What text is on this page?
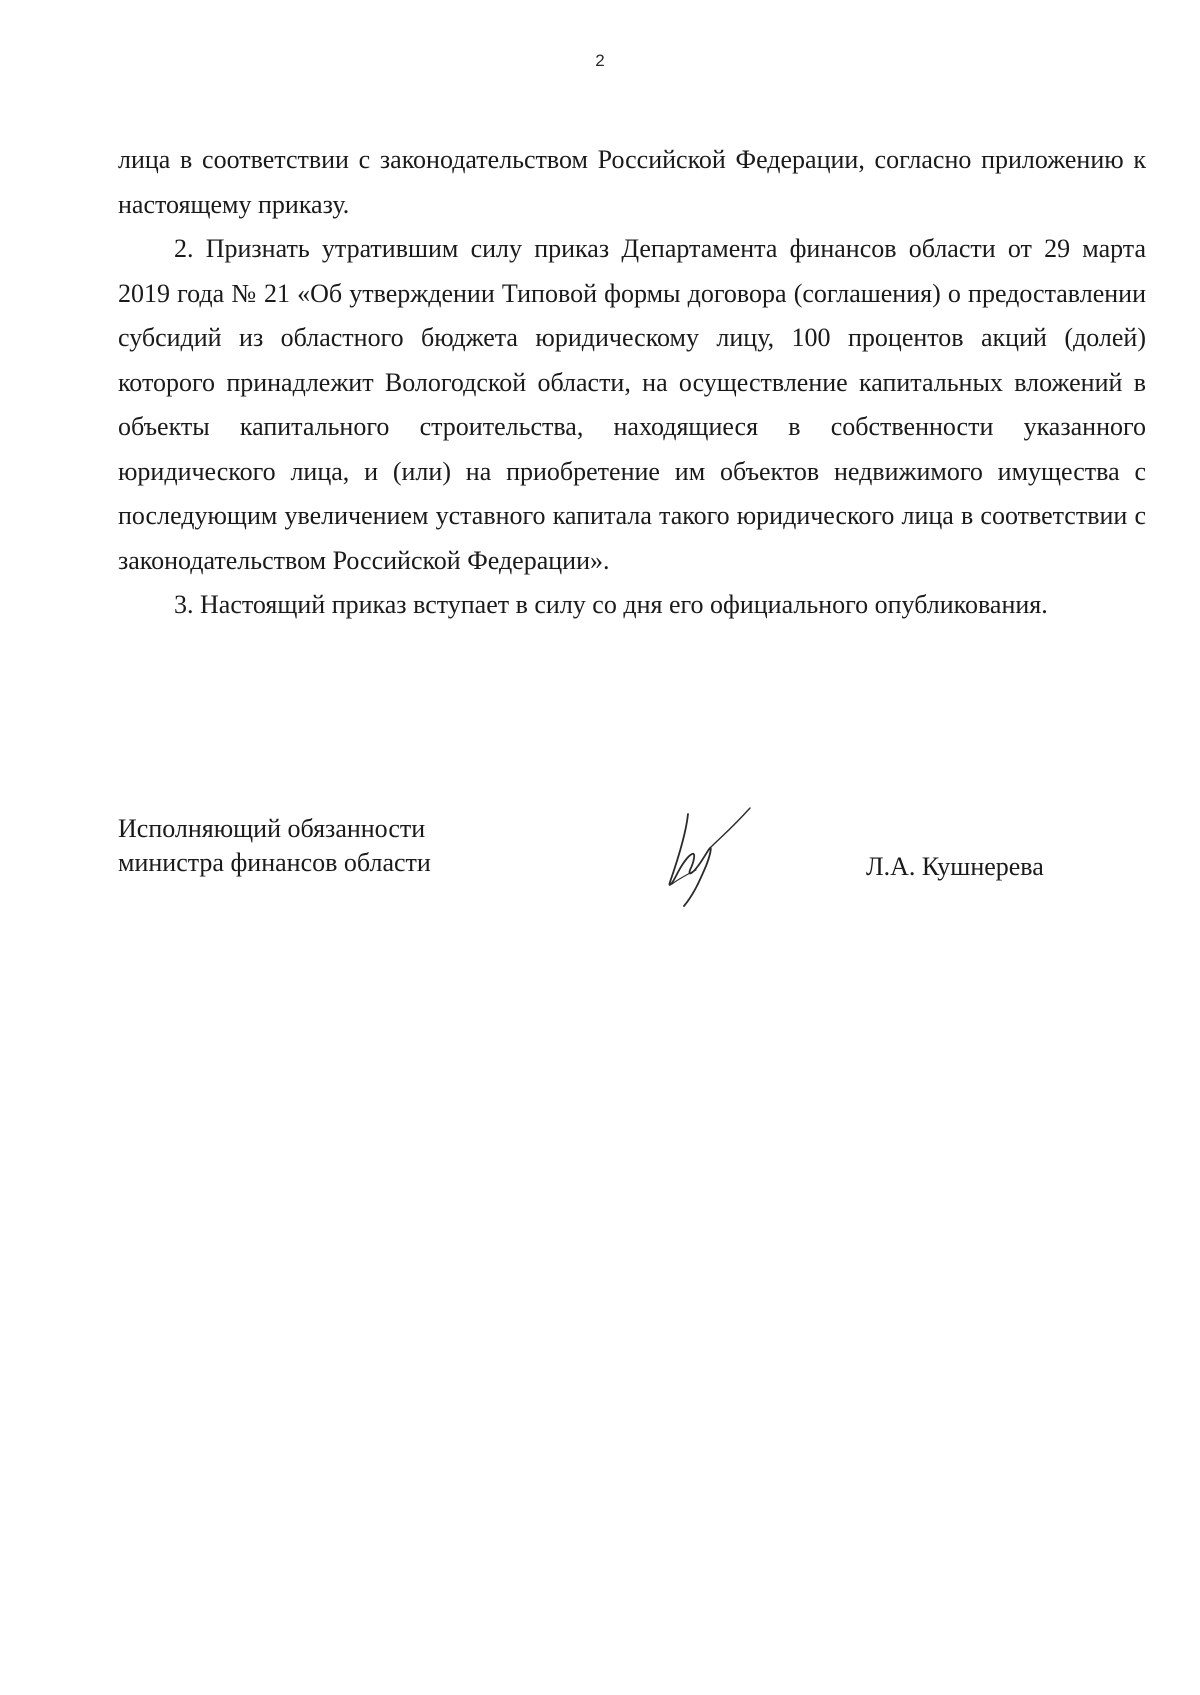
2

лица в соответствии с законодательством Российской Федерации, согласно приложению к настоящему приказу.

2. Признать утратившим силу приказ Департамента финансов области от 29 марта 2019 года № 21 «Об утверждении Типовой формы договора (соглашения) о предоставлении субсидий из областного бюджета юридическому лицу, 100 процентов акций (долей) которого принадлежит Вологодской области, на осуществление капитальных вложений в объекты капитального строительства, находящиеся в собственности указанного юридического лица, и (или) на приобретение им объектов недвижимого имущества с последующим увеличением уставного капитала такого юридического лица в соответствии с законодательством Российской Федерации».

3. Настоящий приказ вступает в силу со дня его официального опубликования.

Исполняющий обязанности
министра финансов области	Л.А. Кушнерева
